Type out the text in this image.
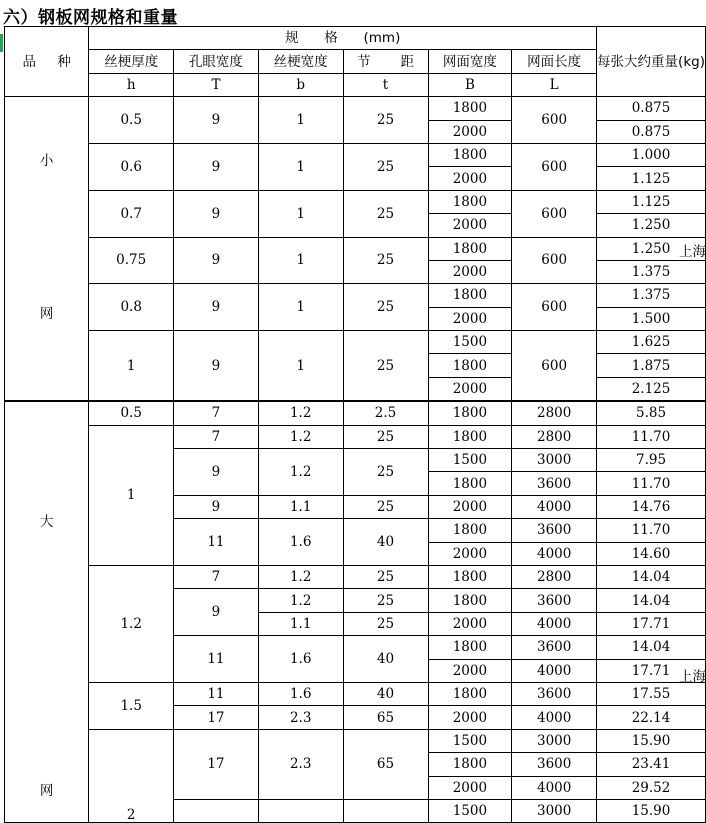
六）钢板网规格和重量
品 种	规 格 (mm)						每张大约重量(kg)
	丝梗厚度	孔眼宽度	丝梗宽度	节 距	网面宽度	网面长度	
	h	T	b	t	B	L	

小
网	0.5	9	1	25	1800	600	0.875
					2000		0.875
	0.6	9	1	25	1800	600	1.000
					2000		1.125
	0.7	9	1	25	1800	600	1.125
					2000		1.250
	0.75	9	1	25	1800	600	1.250
					2000		1.375
	0.8	9	1	25	1800	600	1.375
					2000		1.500
	1	9	1	25	1500	600	1.625
					1800		1.875
					2000		2.125

大
网	0.5	7	1.2	2.5	1800	2800	5.85
	1	7	1.2	25	1800	2800	11.70
		9	1.2	25	1500	3000	7.95
					1800	3600	11.70
		9	1.1	25	2000	4000	14.76
		11	1.6	40	1800	3600	11.70
					2000	4000	14.60
	1.2	7	1.2	25	1800	2800	14.04
		9	1.2	25	1800	3600	14.04
			1.1	25	2000	4000	17.71
		11	1.6	40	1800	3600	14.04
					2000	4000	17.71
	1.5	11	1.6	40	1800	3600	17.55
		17	2.3	65	2000	4000	22.14
	2	17	2.3	65	1500	3000	15.90
					1800	3600	23.41
					2000	4000	29.52
					1500	3000	15.90
上海
上海
